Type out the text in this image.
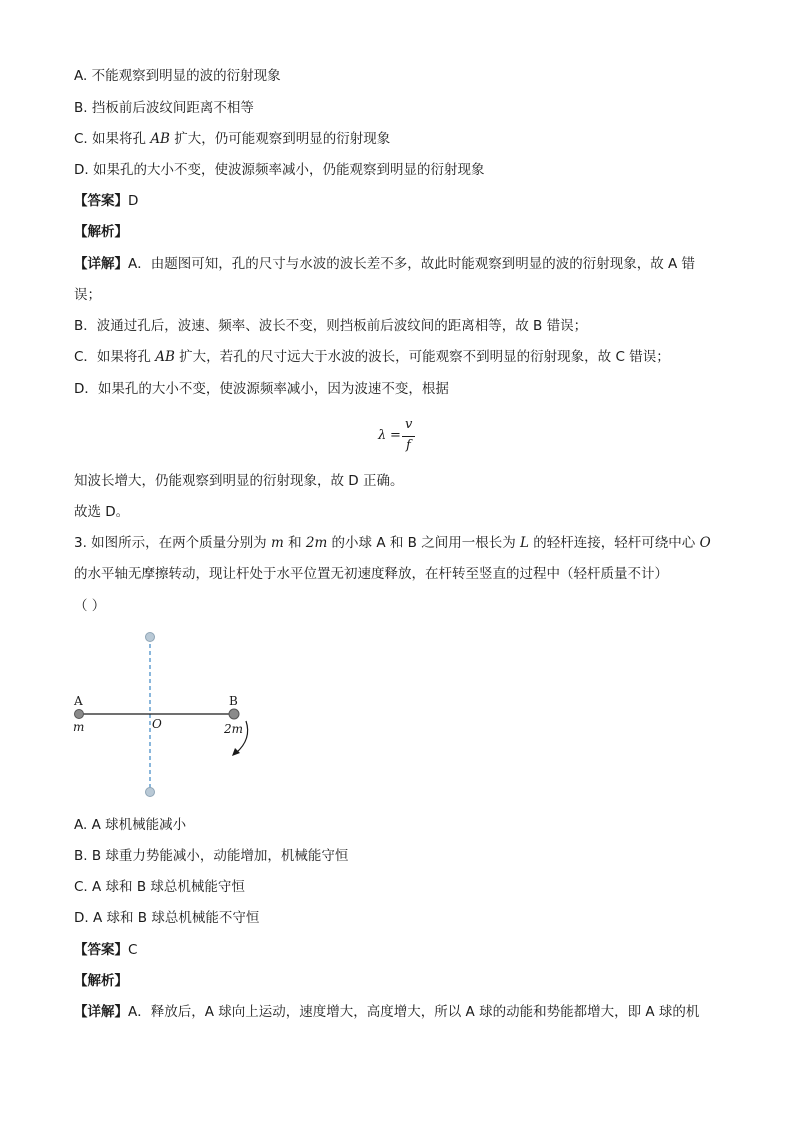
A. 不能观察到明显的波的衍射现象
B. 挡板前后波纹间距离不相等
C. 如果将孔 AB 扩大，仍可能观察到明显的衍射现象
D. 如果孔的大小不变，使波源频率减小，仍能观察到明显的衍射现象
【答案】D
【解析】
【详解】A．由题图可知，孔的尺寸与水波的波长差不多，故此时能观察到明显的波的衍射现象，故 A 错
误；
B．波通过孔后，波速、频率、波长不变，则挡板前后波纹间的距离相等，故 B 错误；
C．如果将孔 AB 扩大，若孔的尺寸远大于水波的波长，可能观察不到明显的衍射现象，故 C 错误；
D．如果孔的大小不变，使波源频率减小，因为波速不变，根据
λ =
v
f
知波长增大，仍能观察到明显的衍射现象，故 D 正确。
故选 D。
3. 如图所示，在两个质量分别为 m 和 2m 的小球 A 和 B 之间用一根长为 L 的轻杆连接，轻杆可绕中心 O
的水平轴无摩擦转动，现让杆处于水平位置无初速度释放，在杆转至竖直的过程中（轻杆质量不计）
（ ）
A	B
O
m	2m
A. A 球机械能减小
B. B 球重力势能减小，动能增加，机械能守恒
C. A 球和 B 球总机械能守恒
D. A 球和 B 球总机械能不守恒
【答案】C
【解析】
【详解】A．释放后，A 球向上运动，速度增大，高度增大，所以 A 球的动能和势能都增大，即 A 球的机
